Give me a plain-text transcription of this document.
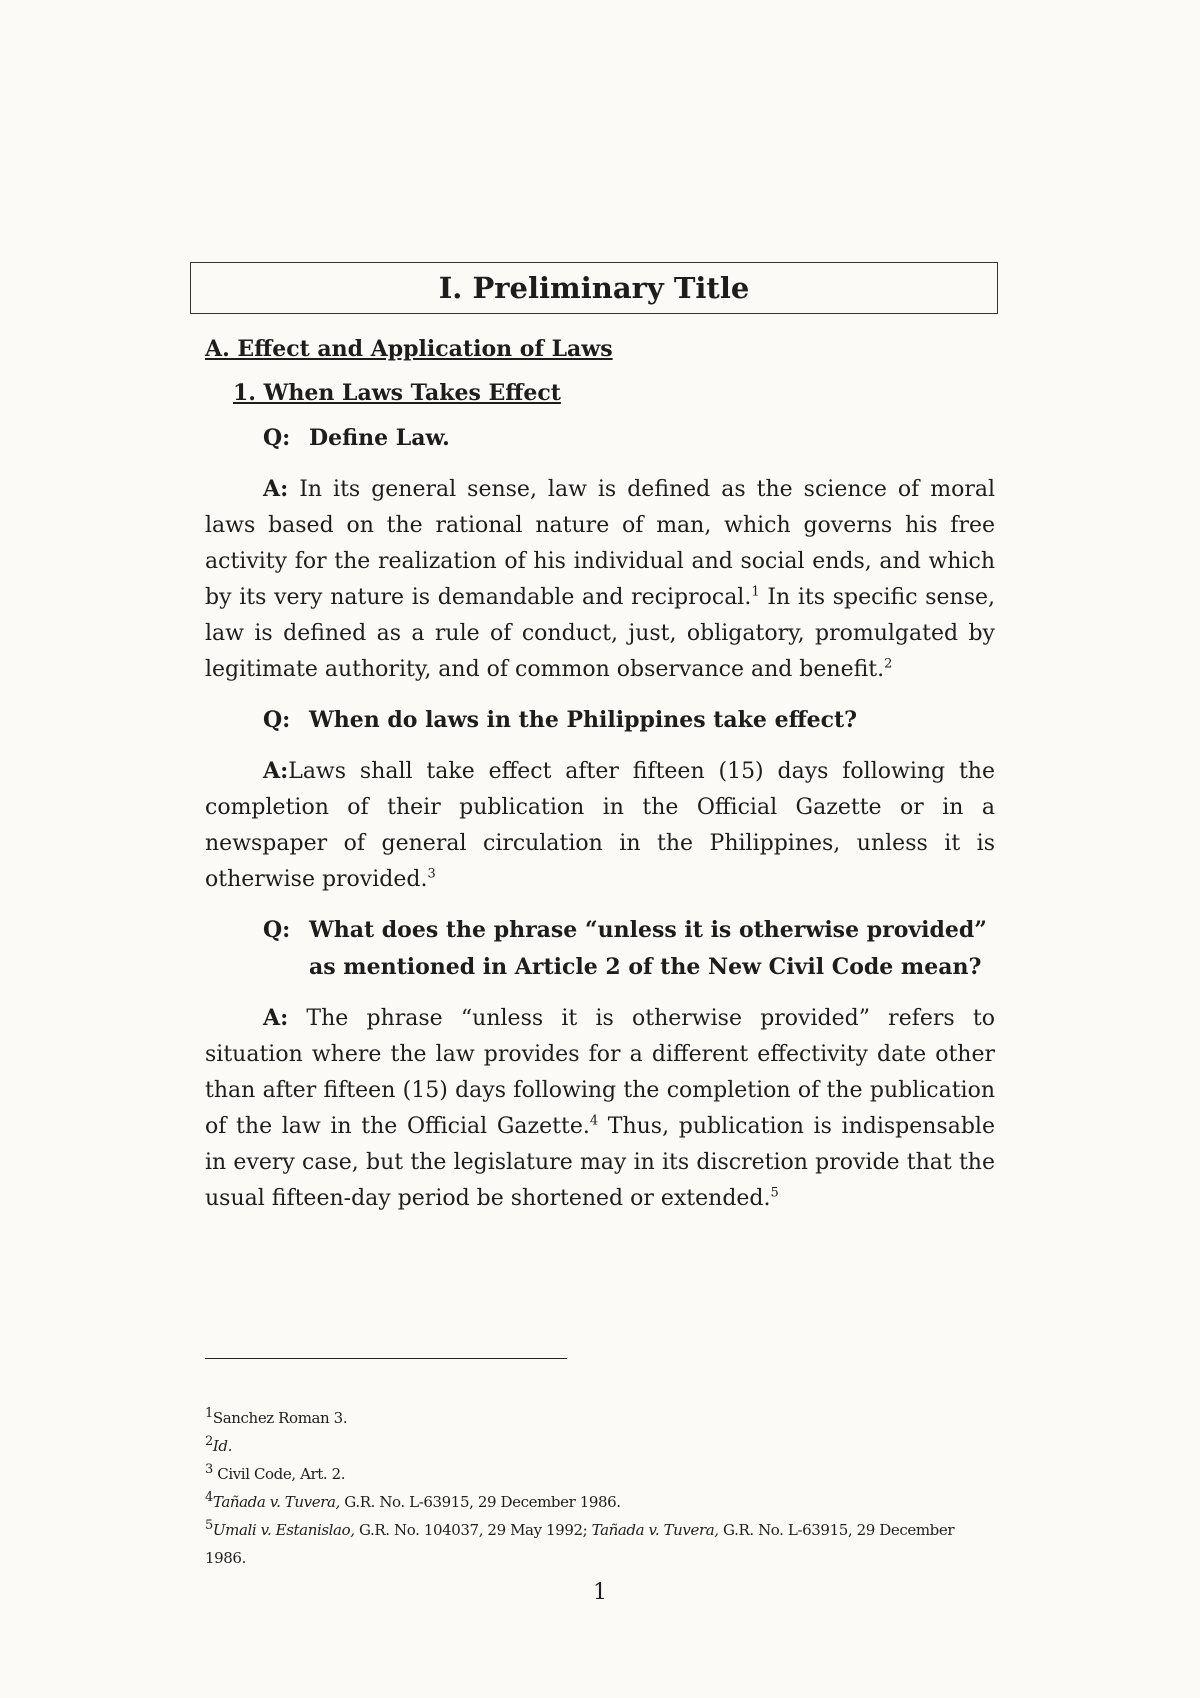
I. Preliminary Title
A. Effect and Application of Laws
1. When Laws Takes Effect
Q: Define Law.
A: In its general sense, law is defined as the science of moral laws based on the rational nature of man, which governs his free activity for the realization of his individual and social ends, and which by its very nature is demandable and reciprocal.$^1$ In its specific sense, law is defined as a rule of conduct, just, obligatory, promulgated by legitimate authority, and of common observance and benefit.$^2$
Q: When do laws in the Philippines take effect?
A:Laws shall take effect after fifteen (15) days following the completion of their publication in the Official Gazette or in a newspaper of general circulation in the Philippines, unless it is otherwise provided.$^3$
Q: What does the phrase “unless it is otherwise provided” as mentioned in Article 2 of the New Civil Code mean?
A: The phrase “unless it is otherwise provided” refers to situation where the law provides for a different effectivity date other than after fifteen (15) days following the completion of the publication of the law in the Official Gazette.$^4$ Thus, publication is indispensable in every case, but the legislature may in its discretion provide that the usual fifteen-day period be shortened or extended.$^5$
$^1$Sanchez Roman 3.
$^2$Id.
$^3$ Civil Code, Art. 2.
$^4$Tañada v. Tuvera, G.R. No. L-63915, 29 December 1986.
$^5$Umali v. Estanislao, G.R. No. 104037, 29 May 1992; Tañada v. Tuvera, G.R. No. L-63915, 29 December 1986.
1
